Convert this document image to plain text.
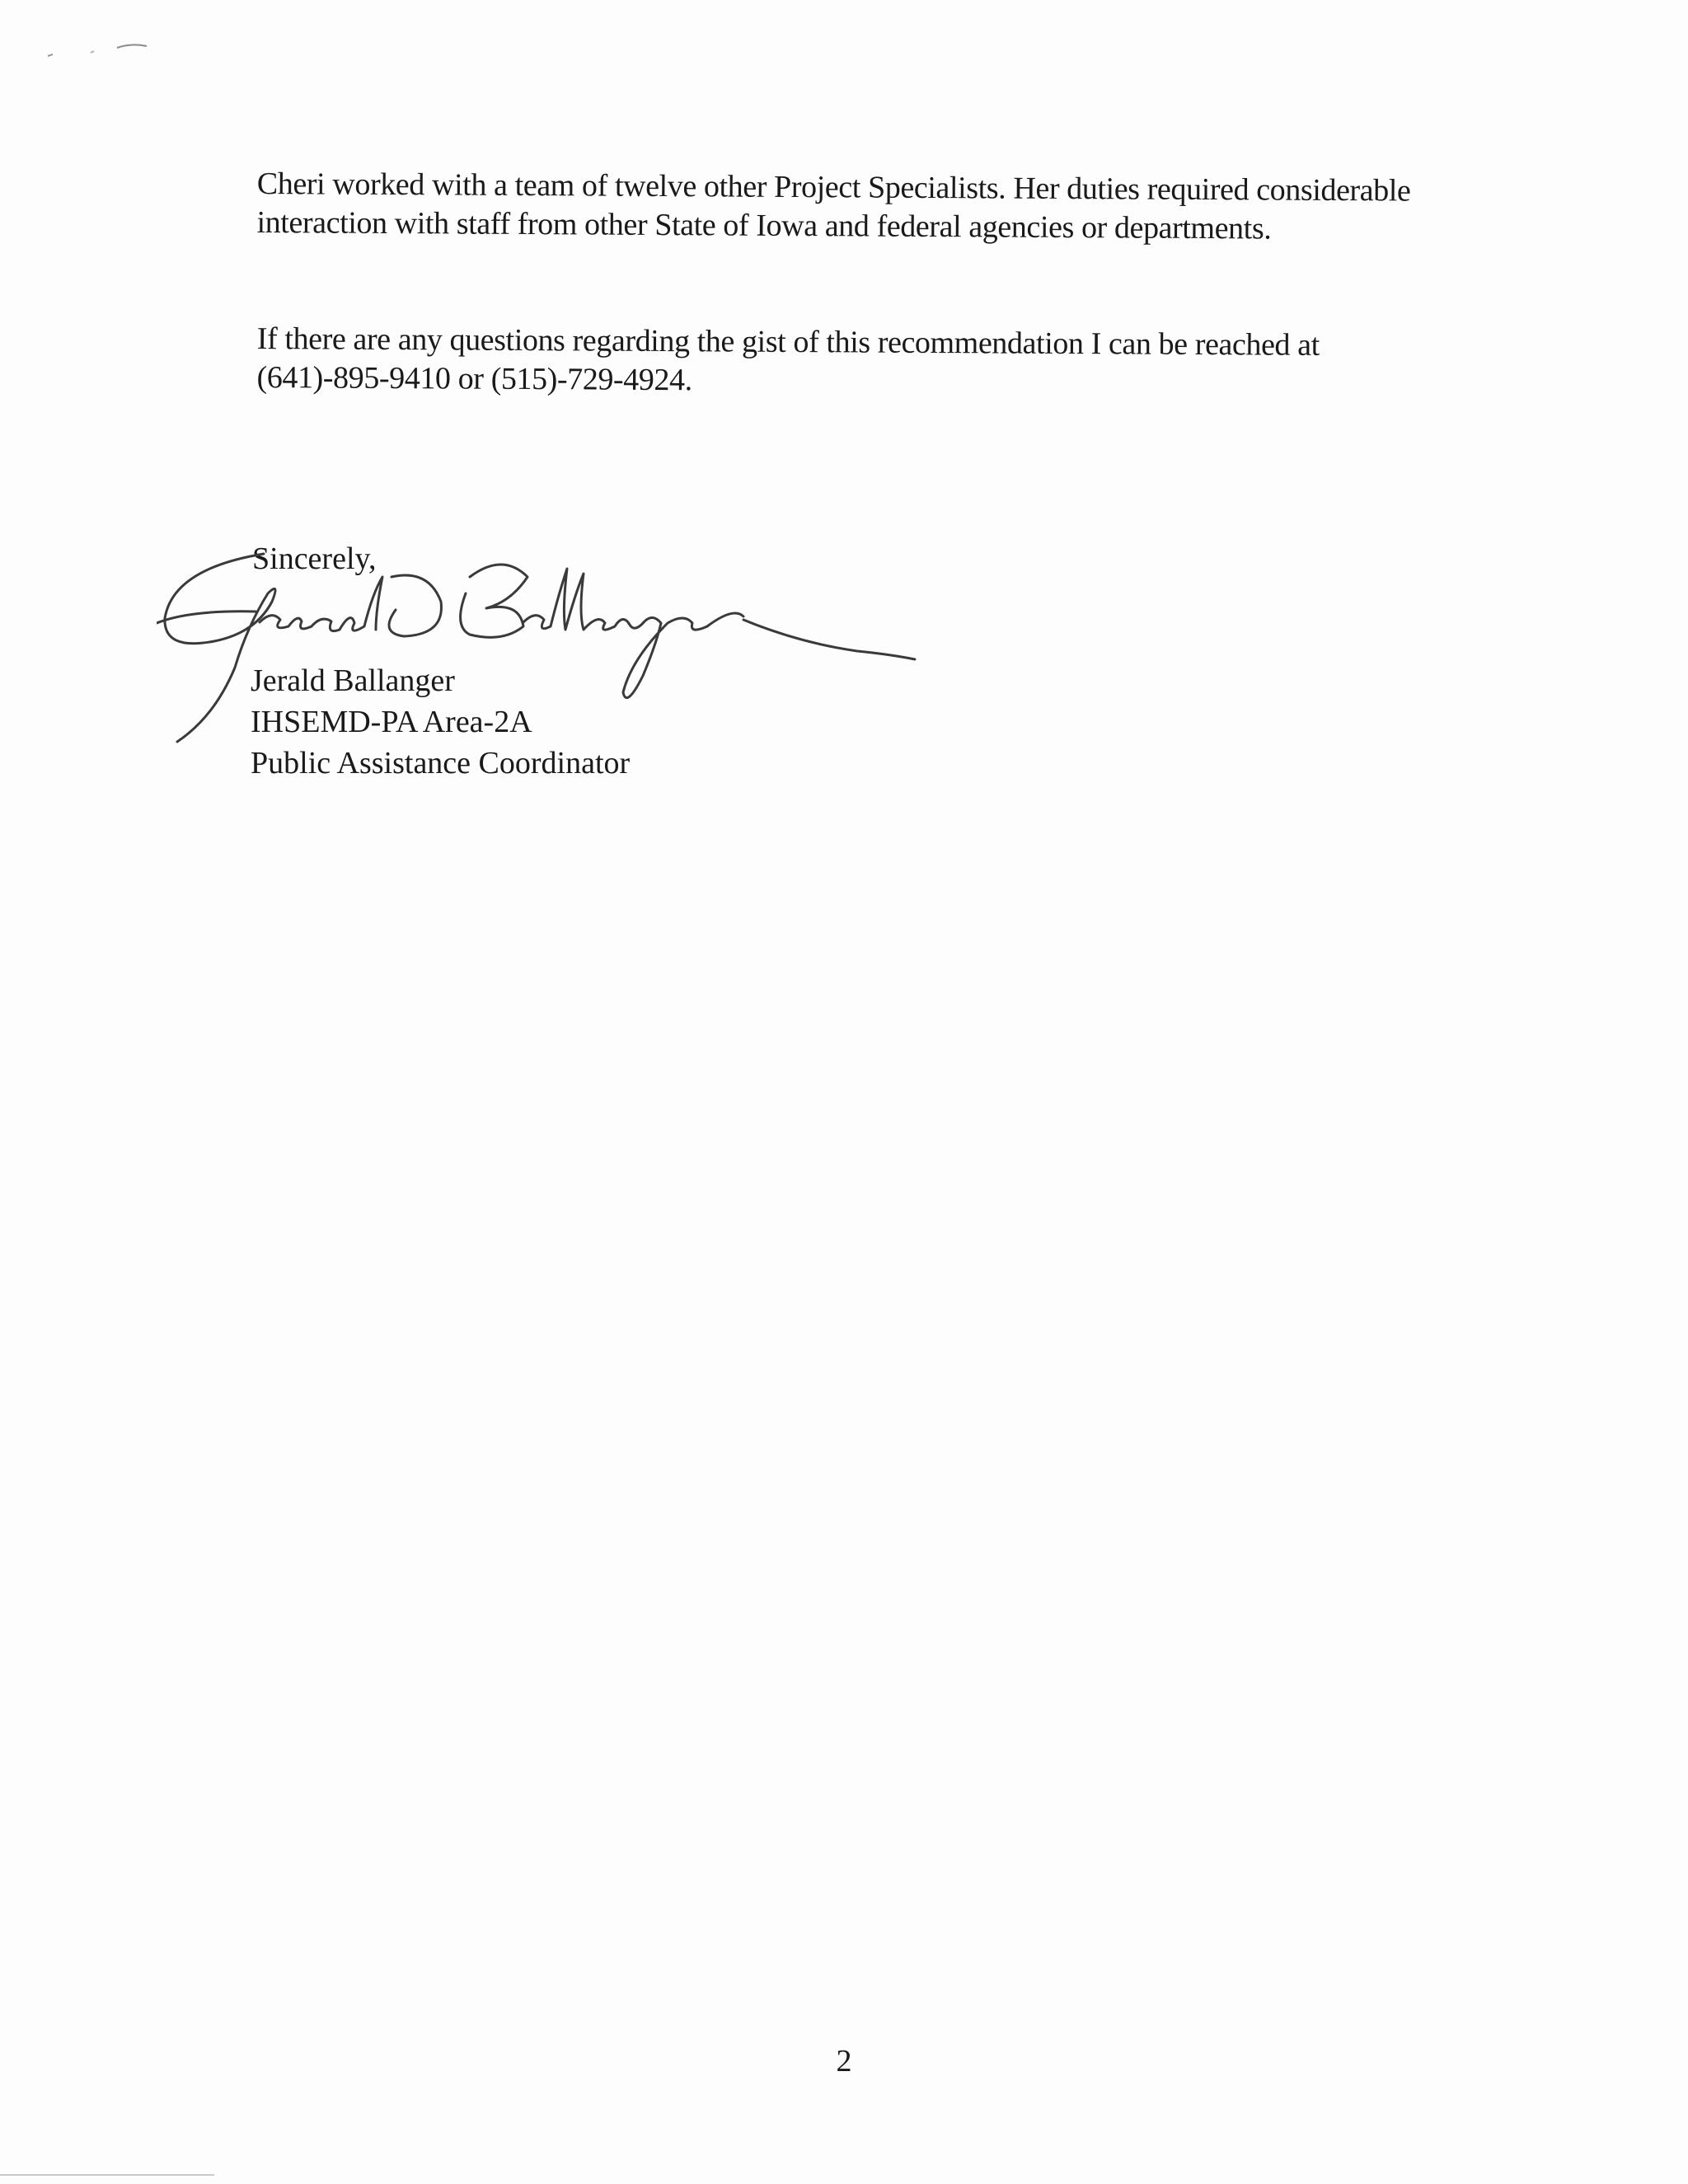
Cheri worked with a team of twelve other Project Specialists. Her duties required considerable interaction with staff from other State of Iowa and federal agencies or departments.

If there are any questions regarding the gist of this recommendation I can be reached at (641)-895-9410 or (515)-729-4924.

Sincerely,
Jerald Ballanger
IHSEMD-PA Area-2A
Public Assistance Coordinator
2
